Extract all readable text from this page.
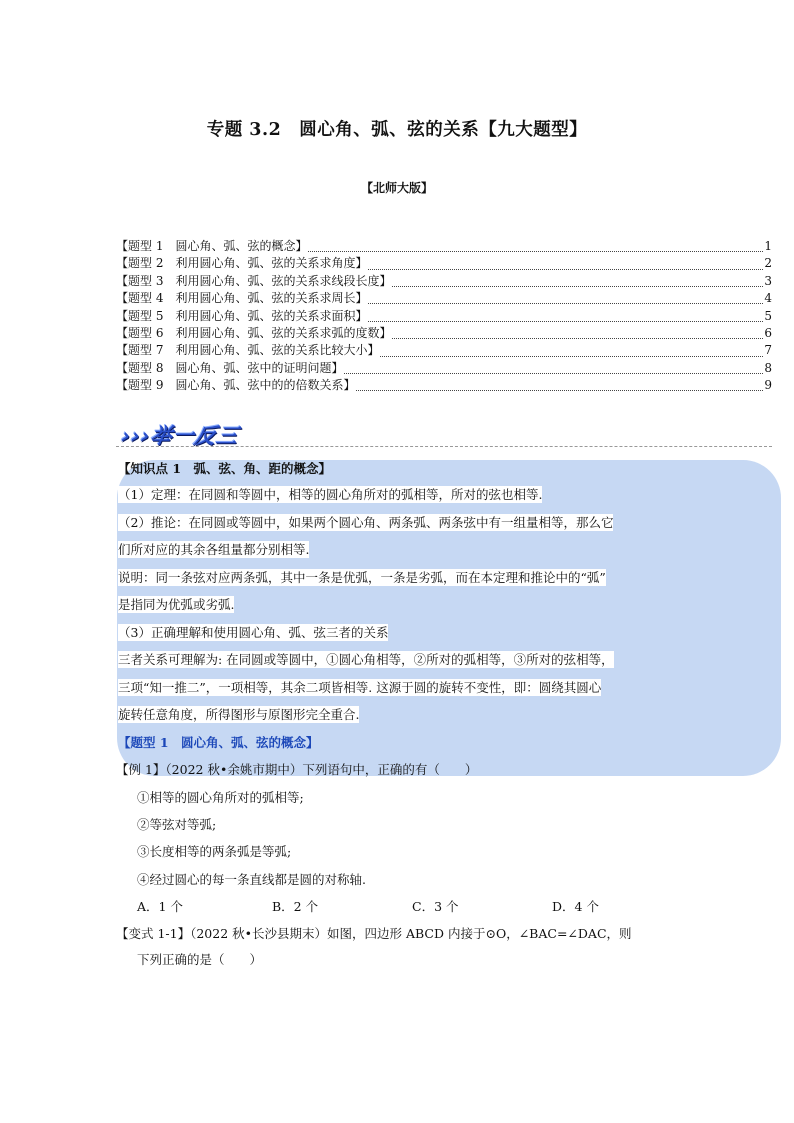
专题 3.2　圆心角、弧、弦的关系【九大题型】
【北师大版】
【题型 1　圆心角、弧、弦的概念】	1
【题型 2　利用圆心角、弧、弦的关系求角度】	2
【题型 3　利用圆心角、弧、弦的关系求线段长度】	3
【题型 4　利用圆心角、弧、弦的关系求周长】	4
【题型 5　利用圆心角、弧、弦的关系求面积】	5
【题型 6　利用圆心角、弧、弦的关系求弧的度数】	6
【题型 7　利用圆心角、弧、弦的关系比较大小】	7
【题型 8　圆心角、弧、弦中的证明问题】	8
【题型 9　圆心角、弧、弦中的的倍数关系】	9
›››举一反三
【知识点 1　弧、弦、角、距的概念】
（1）定理：在同圆和等圆中，相等的圆心角所对的弧相等，所对的弦也相等.
（2）推论：在同圆或等圆中，如果两个圆心角、两条弧、两条弦中有一组量相等，那么它
们所对应的其余各组量都分别相等.
说明：同一条弦对应两条弧，其中一条是优弧，一条是劣弧，而在本定理和推论中的“弧”
是指同为优弧或劣弧.
（3）正确理解和使用圆心角、弧、弦三者的关系
三者关系可理解为: 在同圆或等圆中，①圆心角相等，②所对的弧相等，③所对的弦相等，
三项“知一推二”，一项相等，其余二项皆相等. 这源于圆的旋转不变性，即：圆绕其圆心
旋转任意角度，所得图形与原图形完全重合.
【题型 1　圆心角、弧、弦的概念】
【例 1】（2022 秋•余姚市期中）下列语句中，正确的有（　　）
①相等的圆心角所对的弧相等;
②等弦对等弧;
③长度相等的两条弧是等弧;
④经过圆心的每一条直线都是圆的对称轴.
A．1 个	B．2 个	C．3 个	D．4 个
【变式 1-1】（2022 秋•长沙县期末）如图，四边形 ABCD 内接于⊙O，∠BAC=∠DAC，则
下列正确的是（　　）
